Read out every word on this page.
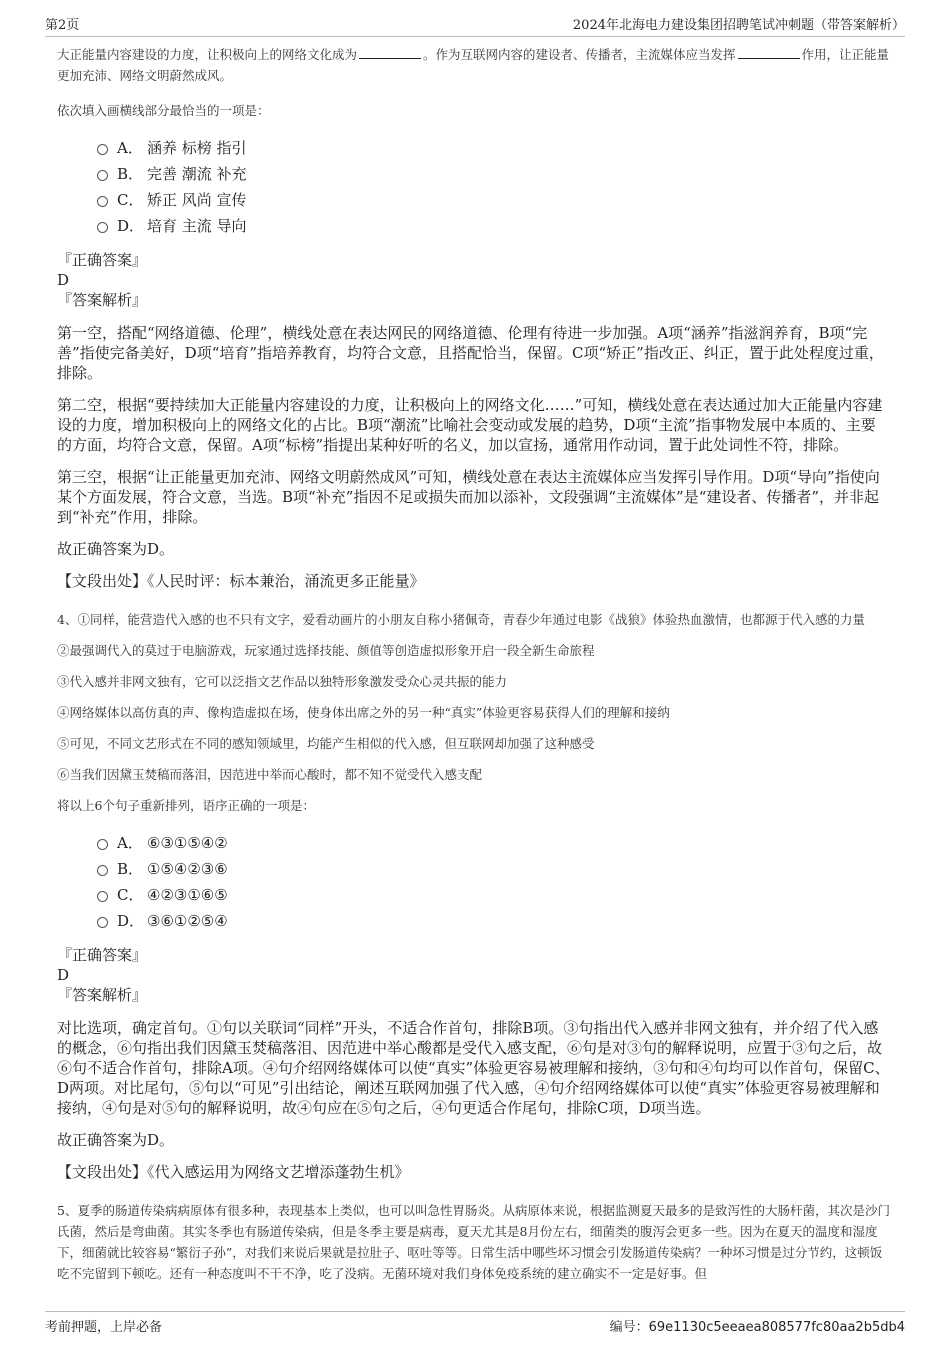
第2页	2024年北海电力建设集团招聘笔试冲刺题（带答案解析）

大正能量内容建设的力度，让积极向上的网络文化成为	。作为互联网内容的建设者、传播者，主流媒体应当发挥	作用，让正能量更加充沛、网络文明蔚然成风。

依次填入画横线部分最恰当的一项是：

A． 涵养 标榜 指引
B． 完善 潮流 补充
C． 矫正 风尚 宣传
D． 培育 主流 导向

『正确答案』

D

『答案解析』

第一空，搭配“网络道德、伦理”，横线处意在表达网民的网络道德、伦理有待进一步加强。A项“涵养”指滋润养育，B项“完善”指使完备美好，D项“培育”指培养教育，均符合文意，且搭配恰当，保留。C项“矫正”指改正、纠正，置于此处程度过重，排除。

第二空，根据“要持续加大正能量内容建设的力度，让积极向上的网络文化……”可知，横线处意在表达通过加大正能量内容建设的力度，增加积极向上的网络文化的占比。B项“潮流”比喻社会变动或发展的趋势，D项“主流”指事物发展中本质的、主要的方面，均符合文意，保留。A项“标榜”指提出某种好听的名义，加以宣扬，通常用作动词，置于此处词性不符，排除。

第三空，根据“让正能量更加充沛、网络文明蔚然成风”可知，横线处意在表达主流媒体应当发挥引导作用。D项“导向”指使向某个方面发展，符合文意，当选。B项“补充”指因不足或损失而加以添补，文段强调“主流媒体”是“建设者、传播者”，并非起到“补充”作用，排除。

故正确答案为D。

【文段出处】《人民时评：标本兼治，涌流更多正能量》

4、①同样，能营造代入感的也不只有文字，爱看动画片的小朋友自称小猪佩奇，青春少年通过电影《战狼》体验热血激情，也都源于代入感的力量

②最强调代入的莫过于电脑游戏，玩家通过选择技能、颜值等创造虚拟形象开启一段全新生命旅程

③代入感并非网文独有，它可以泛指文艺作品以独特形象激发受众心灵共振的能力

④网络媒体以高仿真的声、像构造虚拟在场，使身体出席之外的另一种“真实”体验更容易获得人们的理解和接纳

⑤可见，不同文艺形式在不同的感知领域里，均能产生相似的代入感，但互联网却加强了这种感受

⑥当我们因黛玉焚稿而落泪，因范进中举而心酸时，都不知不觉受代入感支配

将以上6个句子重新排列，语序正确的一项是：

A． ⑥③①⑤④②
B． ①⑤④②③⑥
C． ④②③①⑥⑤
D． ③⑥①②⑤④

『正确答案』

D

『答案解析』

对比选项，确定首句。①句以关联词“同样”开头，不适合作首句，排除B项。③句指出代入感并非网文独有，并介绍了代入感的概念，⑥句指出我们因黛玉焚稿落泪、因范进中举心酸都是受代入感支配，⑥句是对③句的解释说明，应置于③句之后，故⑥句不适合作首句，排除A项。④句介绍网络媒体可以使“真实”体验更容易被理解和接纳，③句和④句均可以作首句，保留C、D两项。对比尾句，⑤句以“可见”引出结论，阐述互联网加强了代入感，④句介绍网络媒体可以使“真实”体验更容易被理解和接纳，④句是对⑤句的解释说明，故④句应在⑤句之后，④句更适合作尾句，排除C项，D项当选。

故正确答案为D。

【文段出处】《代入感运用为网络文艺增添蓬勃生机》

5、夏季的肠道传染病病原体有很多种，表现基本上类似，也可以叫急性胃肠炎。从病原体来说，根据监测夏天最多的是致泻性的大肠杆菌，其次是沙门氏菌，然后是弯曲菌。其实冬季也有肠道传染病，但是冬季主要是病毒，夏天尤其是8月份左右，细菌类的腹泻会更多一些。因为在夏天的温度和湿度下，细菌就比较容易“繁衍子孙”，对我们来说后果就是拉肚子、呕吐等等。日常生活中哪些坏习惯会引发肠道传染病？一种坏习惯是过分节约，这顿饭吃不完留到下顿吃。还有一种态度叫不干不净，吃了没病。无菌环境对我们身体免疫系统的建立确实不一定是好事。但

考前押题，上岸必备	编号：69e1130c5eeaea808577fc80aa2b5db4
